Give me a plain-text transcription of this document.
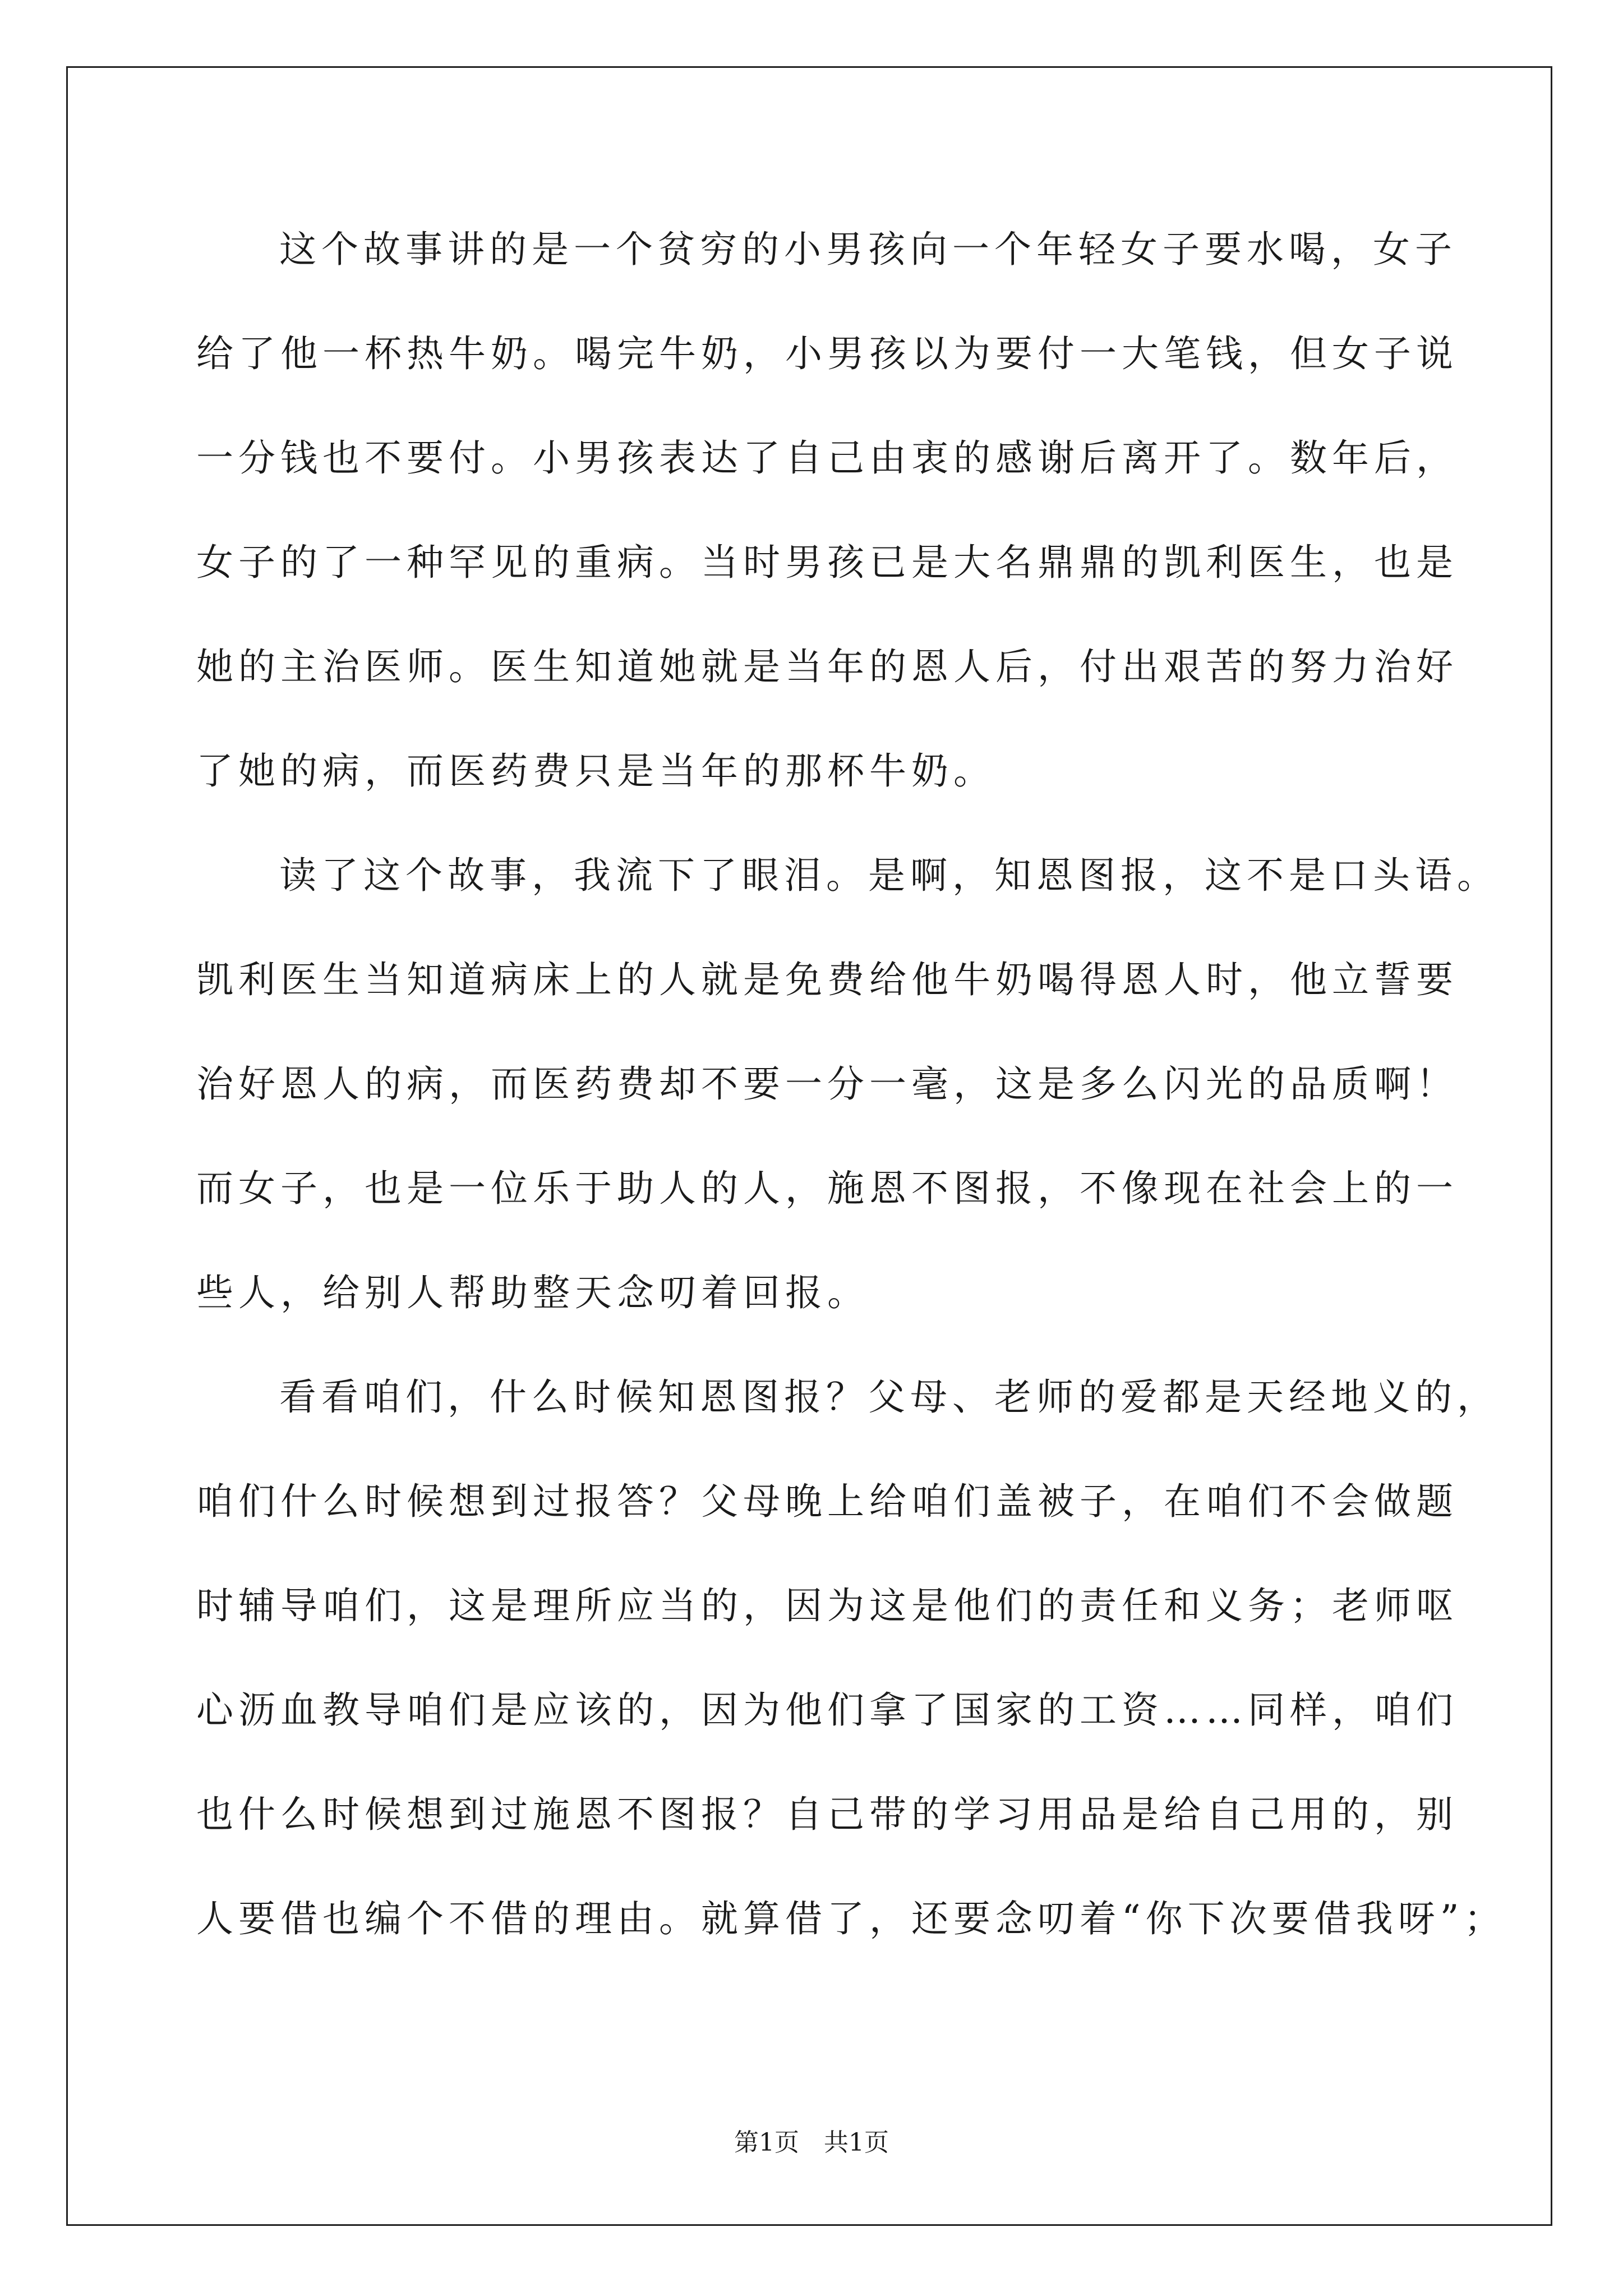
这个故事讲的是一个贫穷的小男孩向一个年轻女子要水喝，女子
给了他一杯热牛奶。喝完牛奶，小男孩以为要付一大笔钱，但女子说
一分钱也不要付。小男孩表达了自己由衷的感谢后离开了。数年后，
女子的了一种罕见的重病。当时男孩已是大名鼎鼎的凯利医生，也是
她的主治医师。医生知道她就是当年的恩人后，付出艰苦的努力治好
了她的病，而医药费只是当年的那杯牛奶。
读了这个故事，我流下了眼泪。是啊，知恩图报，这不是口头语。
凯利医生当知道病床上的人就是免费给他牛奶喝得恩人时，他立誓要
治好恩人的病，而医药费却不要一分一毫，这是多么闪光的品质啊！
而女子，也是一位乐于助人的人，施恩不图报，不像现在社会上的一
些人，给别人帮助整天念叨着回报。
看看咱们，什么时候知恩图报？父母、老师的爱都是天经地义的，
咱们什么时候想到过报答？父母晚上给咱们盖被子，在咱们不会做题
时辅导咱们，这是理所应当的，因为这是他们的责任和义务；老师呕
心沥血教导咱们是应该的，因为他们拿了国家的工资……同样，咱们
也什么时候想到过施恩不图报？自己带的学习用品是给自己用的，别
人要借也编个不借的理由。就算借了，还要念叨着“你下次要借我呀”；
第1页　共1页
